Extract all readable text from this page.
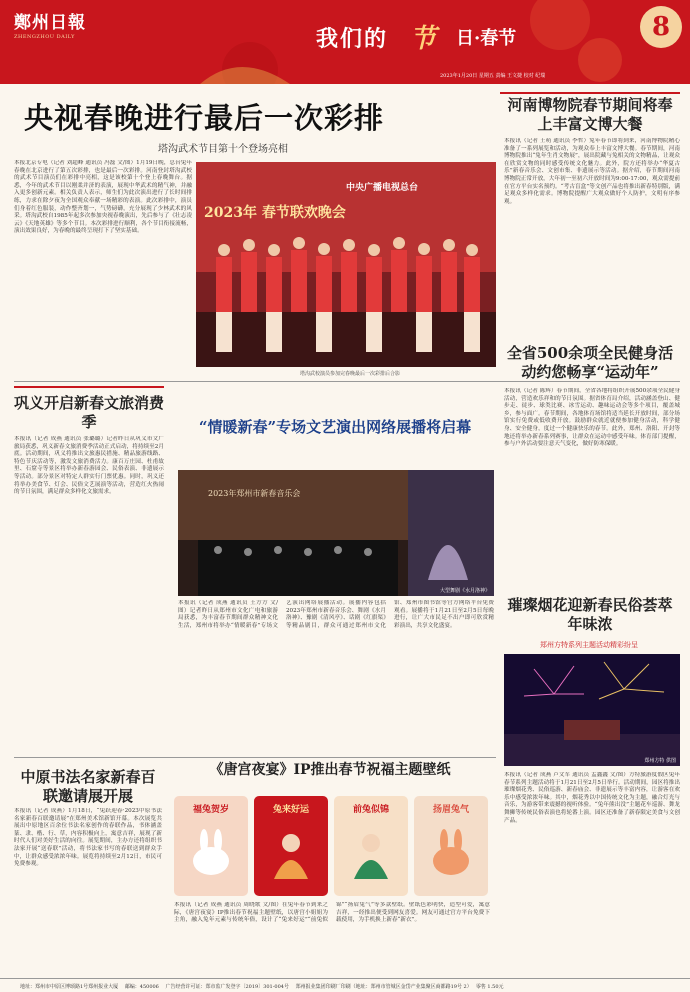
鄭州日報
ZHENGZHOU DAILY	我们的 节 日·春节	8
2023年1月20日 星期五 责编 王文捷 校对 纪瑞
央视春晚进行最后一次彩排
塔沟武术节目第十个登场亮相
本报北京专电（记者 刘超峰 通讯员 冯磊 文/图）1月19日晚，总台兔年春晚在北京进行了第五次彩排，也是最后一次彩排。河南登封塔沟武校的武术节目演员们在彩排中亮相，这是该校第十个登上春晚舞台。据悉，今年的武术节目以刚柔并济的表演，展现中华武术的精气神，并融入更多创新元素。相关负责人表示，师生们为此次演出进行了长时间排练，力求在除夕夜为全国观众奉献一场精彩的表演。此次彩排中，演员们身着红色服装，动作整齐划一，气势磅礴，充分展现了少林武术的风采。塔沟武校自1985年起多次参加央视春晚演出，先后参与了《壮志凌云》《天地英雄》等多个节目。本次彩排进行顺利，各个节目衔接流畅，演出效果良好，为春晚的最终呈现打下了坚实基础。
2023年 春节联欢晚会
中央广播电视总台
塔沟武校演员参加完春晚最后一次彩排后合影
河南博物院春节期间将奉上丰富文博大餐
本报讯（记者 王萌 通讯员 李哲）兔年春节即将到来，河南博物院精心准备了一系列展览和活动，为观众奉上丰富文博大餐。春节期间，河南博物院推出“兔年生肖文物展”，展出院藏与兔相关的文物精品，让观众在欣赏文物的同时感受传统文化魅力。此外，院方还将举办“华夏古乐”新春音乐会、文创市集、非遗展示等活动。据介绍，春节期间河南博物院正常开放，大年初一至初六开放时间为9:00-17:00，观众需提前在官方平台实名预约。“考古盲盒”等文创产品也将推出新春特别版，满足观众多样化需求。博物院提醒广大观众做好个人防护，文明有序参观。
全省500余项全民健身活动约您畅享“运动年”
本报讯（记者 陈辉）春节期间，全省各地将组织开展500余项全民健身活动，营造欢乐祥和的节日氛围。据省体育局介绍，活动涵盖登山、健步走、徒步、球类比赛、冰雪运动、趣味运动会等多个项目，覆盖城乡，参与面广。春节期间，各地体育场馆将适当延长开放时间，部分场馆实行免费或低收费开放。鼓励群众就近就便参加健身活动，科学健身、安全健身，度过一个健康快乐的春节。此外，郑州、洛阳、开封等地还将举办新春系列赛事，让群众在运动中感受年味。体育部门提醒，参与户外活动要注意天气变化，做好防寒保暖。
璀璨烟花迎新春民俗荟萃年味浓
郑州方特系列主题活动精彩纷呈
郑州方特 供图
本报讯（记者 成燕 卢文军 通讯员 孟鑫鑫 文/图）方特旅游度假区兔年春节系列主题活动将于1月21日至2月5日举行。活动期间，园区将推出璀璨烟花秀、民俗巡游、新春庙会、非遗展示等丰富内容，让游客在欢乐中感受浓浓年味。其中，烟花秀以中国传统文化为主题，融合灯光与音乐，为游客带来震撼的视听体验。“兔年熊出没”主题花车巡游、舞龙舞狮等传统民俗表演也将轮番上演。园区还准备了新春限定美食与文创产品。
巩义开启新春文旅消费季
本报讯（记者 成燕 通讯员 张璐璐）记者昨日从巩义市文广旅局获悉，巩义新春文旅消费季活动正式启动，将持续至2月底。活动期间，巩义将推出文旅惠民措施、精品旅游线路、特色节庆活动等，激发文旅消费活力。康百万庄园、杜甫故里、石窟寺等景区将举办新春游园会、民俗表演、非遗展示等活动。部分景区对特定人群实行门票优惠。同时，巩义还将举办美食节、灯会、民俗文艺展演等活动，营造红火热闹的节日氛围，满足群众多样化文旅需求。
“情暖新春”专场文艺演出网络展播将启幕
2023年郑州市新春音乐会
大型舞剧《水月洛神》
本报讯（记者 成燕 通讯员 王方方 文/图）记者昨日从郑州市文化广电和旅游局获悉，为丰富春节期间群众精神文化生活，郑州市将举办“情暖新春”专场文艺演出网络展播活动。展播内容包括2023年郑州市新春音乐会、舞剧《水月洛神》、豫剧《清风亭》、话剧《红旗渠》等精品剧目，群众可通过郑州市文化馆、郑州市图书馆等官方网络平台免费观看。展播将于1月21日至2月5日每晚进行，让广大市民足不出户即可欣赏精彩演出，共享文化盛宴。
中原书法名家新春百联邀请展开展
本报讯（记者 成燕）1月18日，“兔跃迎春·2023中原书法名家新春百联邀请展”在郑州美术馆新馆开幕。本次展览共展出中原地区百余位书法名家创作的春联作品，书体涵盖篆、隶、楷、行、草，内容积极向上，寓意吉祥，展现了新时代人们对美好生活的向往。展览期间，主办方还将组织书法家开展“送春联”活动，将书法家书写的春联送到群众手中，让群众感受浓浓年味。展览将持续至2月12日，市民可免费参观。
《唐宫夜宴》IP推出春节祝福主题壁纸
福兔贺岁	兔来好运	前兔似锦	扬眉兔气
本报讯（记者 成燕 通讯员 周晓歌 文/图）在兔年春节到来之际，《唐宫夜宴》IP推出春节祝福主题壁纸，以唐宫小姐姐为主角，融入兔年元素与传统年俗，设计了“兔来好运”“前兔似锦”“扬眉兔气”等多款壁纸。壁纸色彩明快，造型可爱，寓意吉祥，一经推出便受到网友喜爱。网友可通过官方平台免费下载使用，为手机换上新春“新衣”。
地址：郑州市中原区博颂路1号郑州报业大厦　 邮编：450006　 广告经营许可证：郑市监广发登字〔2019〕301-004号　 郑州报业集团印刷厂印刷（地址：郑州市管城区金岱产业集聚区商都路19号 2）　 零售 1.50元
